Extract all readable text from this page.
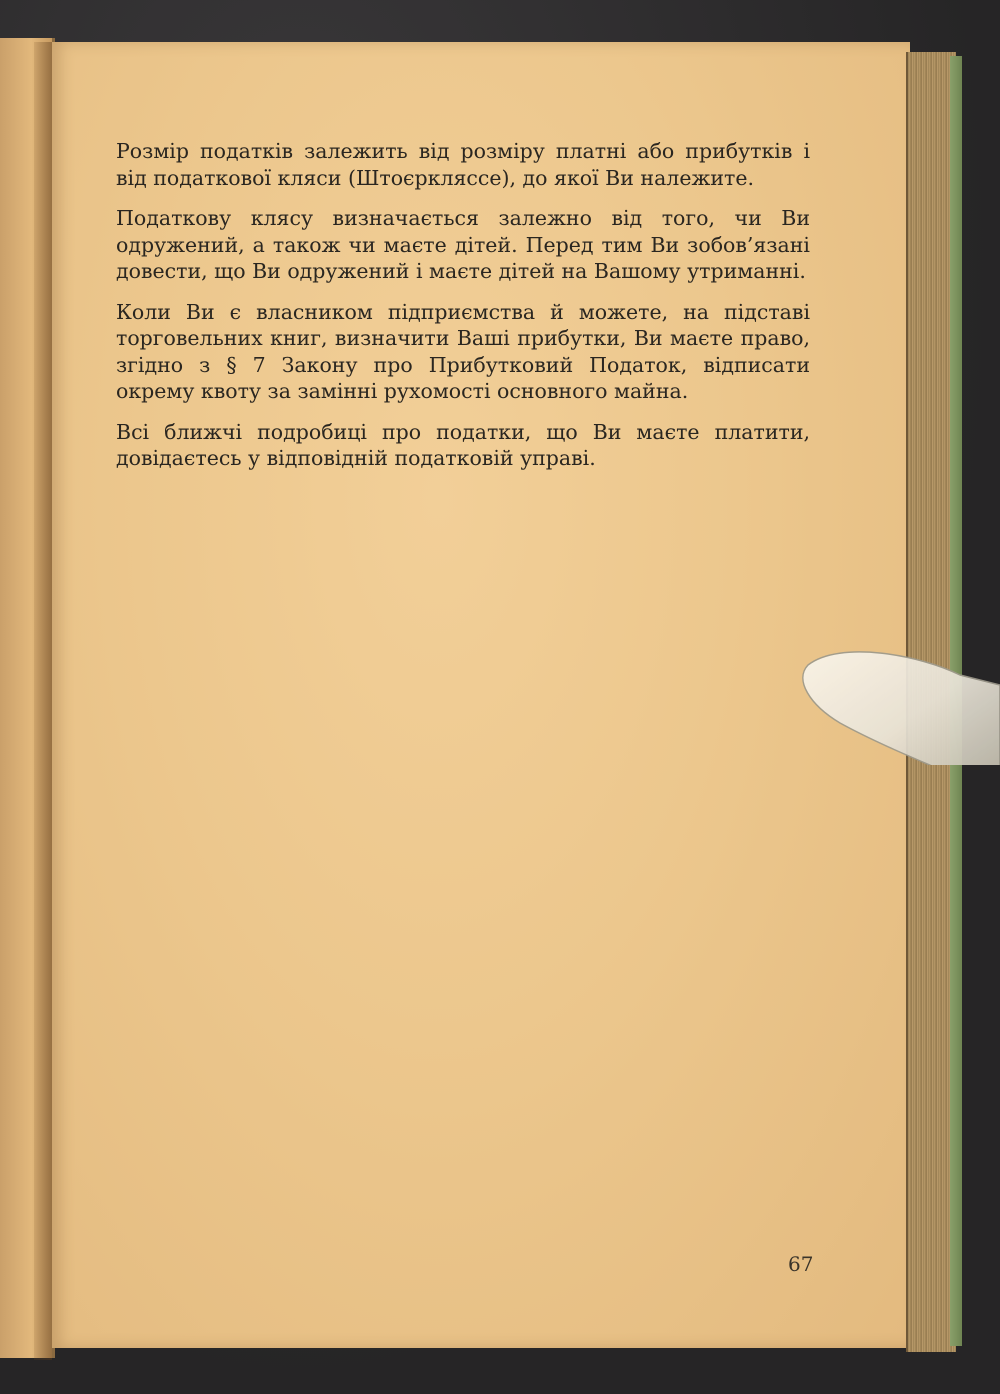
Розмір податків залежить від розміру платні або прибутків і від податкової кляси (Штоєркляссе), до якої Ви належите.

Податкову клясу визначається залежно від того, чи Ви одружений, а також чи маєте дітей. Перед тим Ви зобов’язані довести, що Ви одружений і маєте дітей на Вашому утриманні.

Коли Ви є власником підприємства й можете, на підставі торговельних книг, визначити Ваші прибутки, Ви маєте право, згідно з § 7 Закону про Прибутковий Податок, відписати окрему квоту за замінні рухомості основного майна.

Всі ближчі подробиці про податки, що Ви маєте платити, довідаєтесь у відповідній податковій управі.

67
